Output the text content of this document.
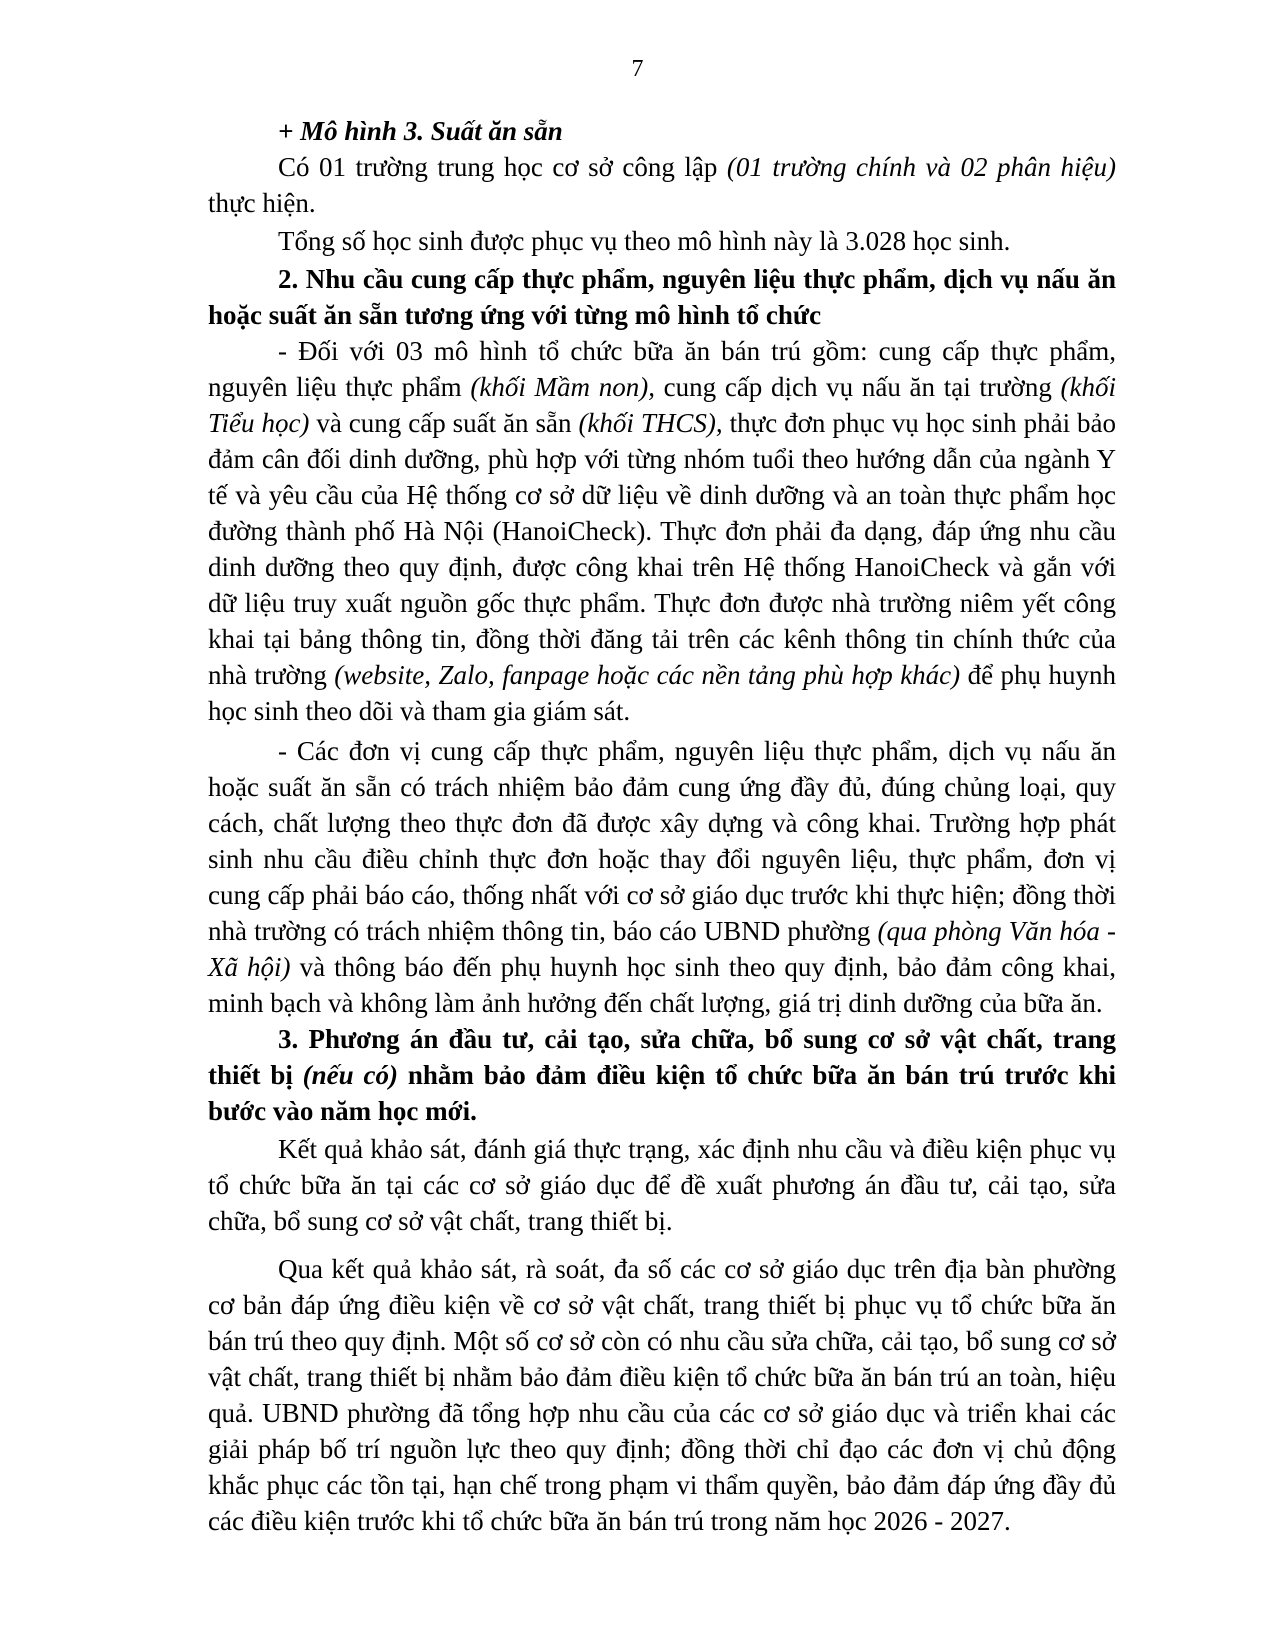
7

+ Mô hình 3. Suất ăn sẵn

Có 01 trường trung học cơ sở công lập (01 trường chính và 02 phân hiệu) thực hiện.

Tổng số học sinh được phục vụ theo mô hình này là 3.028 học sinh.

2. Nhu cầu cung cấp thực phẩm, nguyên liệu thực phẩm, dịch vụ nấu ăn hoặc suất ăn sẵn tương ứng với từng mô hình tổ chức

- Đối với 03 mô hình tổ chức bữa ăn bán trú gồm: cung cấp thực phẩm, nguyên liệu thực phẩm (khối Mầm non), cung cấp dịch vụ nấu ăn tại trường (khối Tiểu học) và cung cấp suất ăn sẵn (khối THCS), thực đơn phục vụ học sinh phải bảo đảm cân đối dinh dưỡng, phù hợp với từng nhóm tuổi theo hướng dẫn của ngành Y tế và yêu cầu của Hệ thống cơ sở dữ liệu về dinh dưỡng và an toàn thực phẩm học đường thành phố Hà Nội (HanoiCheck). Thực đơn phải đa dạng, đáp ứng nhu cầu dinh dưỡng theo quy định, được công khai trên Hệ thống HanoiCheck và gắn với dữ liệu truy xuất nguồn gốc thực phẩm. Thực đơn được nhà trường niêm yết công khai tại bảng thông tin, đồng thời đăng tải trên các kênh thông tin chính thức của nhà trường (website, Zalo, fanpage hoặc các nền tảng phù hợp khác) để phụ huynh học sinh theo dõi và tham gia giám sát.

- Các đơn vị cung cấp thực phẩm, nguyên liệu thực phẩm, dịch vụ nấu ăn hoặc suất ăn sẵn có trách nhiệm bảo đảm cung ứng đầy đủ, đúng chủng loại, quy cách, chất lượng theo thực đơn đã được xây dựng và công khai. Trường hợp phát sinh nhu cầu điều chỉnh thực đơn hoặc thay đổi nguyên liệu, thực phẩm, đơn vị cung cấp phải báo cáo, thống nhất với cơ sở giáo dục trước khi thực hiện; đồng thời nhà trường có trách nhiệm thông tin, báo cáo UBND phường (qua phòng Văn hóa - Xã hội) và thông báo đến phụ huynh học sinh theo quy định, bảo đảm công khai, minh bạch và không làm ảnh hưởng đến chất lượng, giá trị dinh dưỡng của bữa ăn.

3. Phương án đầu tư, cải tạo, sửa chữa, bổ sung cơ sở vật chất, trang thiết bị (nếu có) nhằm bảo đảm điều kiện tổ chức bữa ăn bán trú trước khi bước vào năm học mới.

Kết quả khảo sát, đánh giá thực trạng, xác định nhu cầu và điều kiện phục vụ tổ chức bữa ăn tại các cơ sở giáo dục để đề xuất phương án đầu tư, cải tạo, sửa chữa, bổ sung cơ sở vật chất, trang thiết bị.

Qua kết quả khảo sát, rà soát, đa số các cơ sở giáo dục trên địa bàn phường cơ bản đáp ứng điều kiện về cơ sở vật chất, trang thiết bị phục vụ tổ chức bữa ăn bán trú theo quy định. Một số cơ sở còn có nhu cầu sửa chữa, cải tạo, bổ sung cơ sở vật chất, trang thiết bị nhằm bảo đảm điều kiện tổ chức bữa ăn bán trú an toàn, hiệu quả. UBND phường đã tổng hợp nhu cầu của các cơ sở giáo dục và triển khai các giải pháp bố trí nguồn lực theo quy định; đồng thời chỉ đạo các đơn vị chủ động khắc phục các tồn tại, hạn chế trong phạm vi thẩm quyền, bảo đảm đáp ứng đầy đủ các điều kiện trước khi tổ chức bữa ăn bán trú trong năm học 2026 - 2027.
